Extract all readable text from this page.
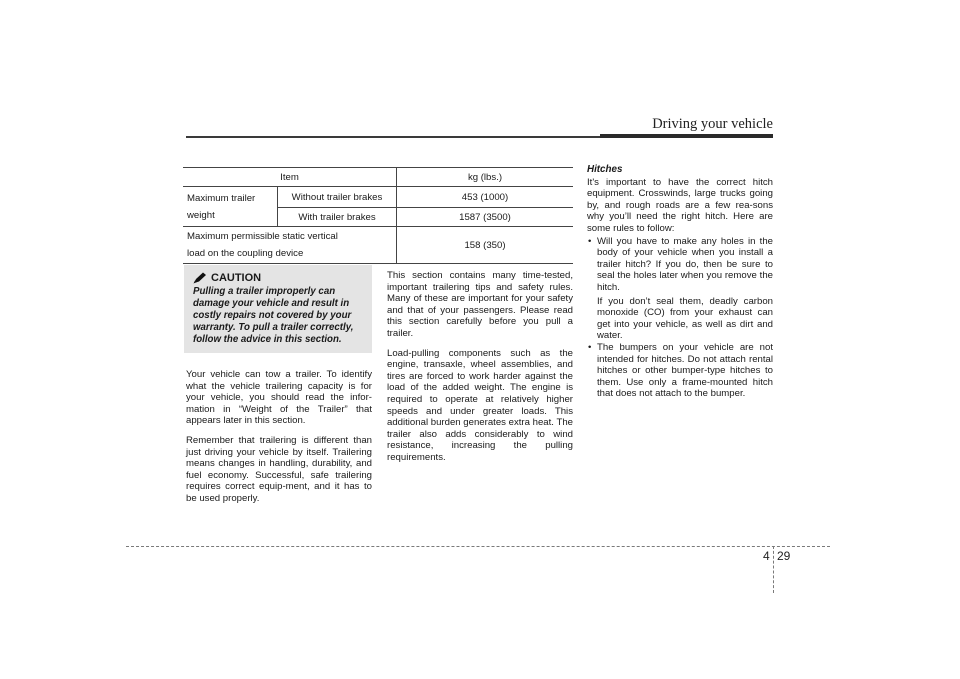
Driving your vehicle
Item		kg (lbs.)

Maximum trailer
weight	Without trailer brakes	453 (1000)
	With trailer brakes	1587 (3500)

Maximum permissible static vertical
load on the coupling device		158 (350)
CAUTION
Pulling a trailer improperly can damage your vehicle and result in costly repairs not covered by your warranty. To pull a trailer correctly, follow the advice in this section.

Your vehicle can tow a trailer. To identify what the vehicle trailering capacity is for your vehicle, you should read the infor-mation in “Weight of the Trailer” that appears later in this section.

Remember that trailering is different than just driving your vehicle by itself. Trailering means changes in handling, durability, and fuel economy. Successful, safe trailering requires correct equip-ment, and it has to be used properly.

This section contains many time-tested, important trailering tips and safety rules. Many of these are important for your safety and that of your passengers. Please read this section carefully before you pull a trailer.

Load-pulling components such as the engine, transaxle, wheel assemblies, and tires are forced to work harder against the load of the added weight. The engine is required to operate at relatively higher speeds and under greater loads. This additional burden generates extra heat. The trailer also adds considerably to wind resistance, increasing the pulling requirements.

Hitches

It's important to have the correct hitch equipment. Crosswinds, large trucks going by, and rough roads are a few rea-sons why you’ll need the right hitch. Here are some rules to follow:

• Will you have to make any holes in the body of your vehicle when you install a trailer hitch? If you do, then be sure to seal the holes later when you remove the hitch.
If you don’t seal them, deadly carbon monoxide (CO) from your exhaust can get into your vehicle, as well as dirt and water.
• The bumpers on your vehicle are not intended for hitches. Do not attach rental hitches or other bumper-type hitches to them. Use only a frame-mounted hitch that does not attach to the bumper.
4 29
